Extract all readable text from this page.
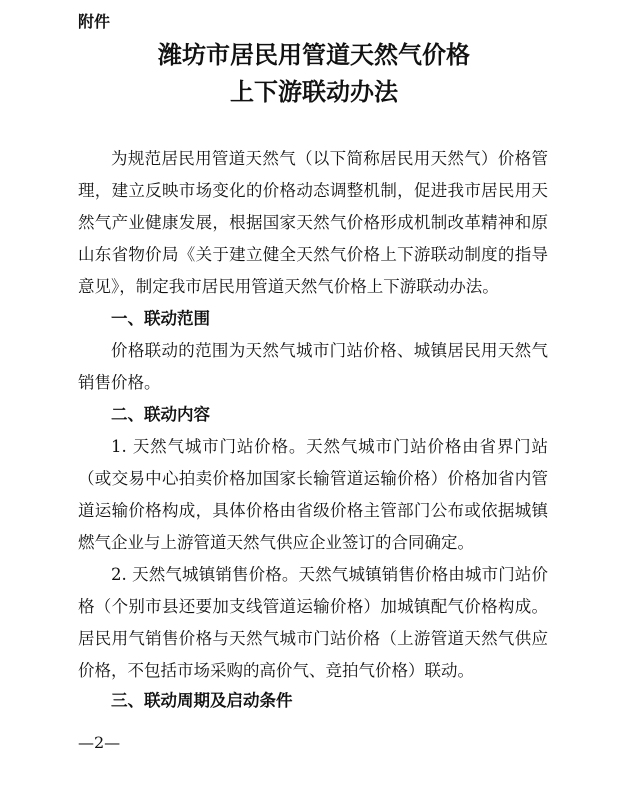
附件
潍坊市居民用管道天然气价格
上下游联动办法
为规范居民用管道天然气（以下简称居民用天然气）价格管
理，建立反映市场变化的价格动态调整机制，促进我市居民用天
然气产业健康发展，根据国家天然气价格形成机制改革精神和原
山东省物价局《关于建立健全天然气价格上下游联动制度的指导
意见》，制定我市居民用管道天然气价格上下游联动办法。
一、联动范围
价格联动的范围为天然气城市门站价格、城镇居民用天然气
销售价格。
二、联动内容
1. 天然气城市门站价格。天然气城市门站价格由省界门站
（或交易中心拍卖价格加国家长输管道运输价格）价格加省内管
道运输价格构成，具体价格由省级价格主管部门公布或依据城镇
燃气企业与上游管道天然气供应企业签订的合同确定。
2. 天然气城镇销售价格。天然气城镇销售价格由城市门站价
格（个别市县还要加支线管道运输价格）加城镇配气价格构成。
居民用气销售价格与天然气城市门站价格（上游管道天然气供应
价格，不包括市场采购的高价气、竞拍气价格）联动。
三、联动周期及启动条件
—2—
